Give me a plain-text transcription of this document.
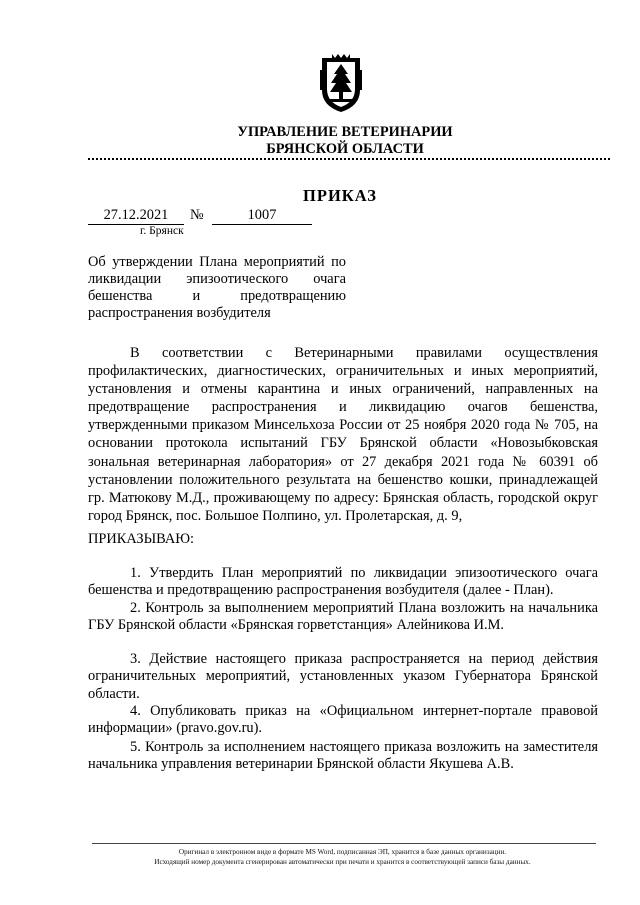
УПРАВЛЕНИЕ ВЕТЕРИНАРИИ
БРЯНСКОЙ ОБЛАСТИ
ПРИКАЗ
27.12.2021	№	1007
г. Брянск
Об утверждении Плана мероприятий по ликвидации эпизоотического очага бешенства и предотвращению распространения возбудителя
В соответствии с Ветеринарными правилами осуществления профилактических, диагностических, ограничительных и иных мероприятий, установления и отмены карантина и иных ограничений, направленных на предотвращение распространения и ликвидацию очагов бешенства, утвержденными приказом Минсельхоза России от 25 ноября 2020 года № 705, на основании протокола испытаний ГБУ Брянской области «Новозыбковская зональная ветеринарная лаборатория» от 27 декабря 2021 года № 60391 об установлении положительного результата на бешенство кошки, принадлежащей гр. Матюкову М.Д., проживающему по адресу: Брянская область, городской округ город Брянск, пос. Большое Полпино, ул. Пролетарская, д. 9,
ПРИКАЗЫВАЮ:
1. Утвердить План мероприятий по ликвидации эпизоотического очага бешенства и предотвращению распространения возбудителя (далее - План).
2. Контроль за выполнением мероприятий Плана возложить на начальника ГБУ Брянской области «Брянская горветстанция» Алейникова И.М.
3. Действие настоящего приказа распространяется на период действия ограничительных мероприятий, установленных указом Губернатора Брянской области.
4. Опубликовать приказ на «Официальном интернет-портале правовой информации» (pravo.gov.ru).
5. Контроль за исполнением настоящего приказа возложить на заместителя начальника управления ветеринарии Брянской области Якушева А.В.
Оригинал в электронном виде в формате MS Word, подписанная ЭП, хранится в базе данных организации.
Исходящий номер документа сгенерирован автоматически при печати и хранится в соответствующей записи базы данных.
